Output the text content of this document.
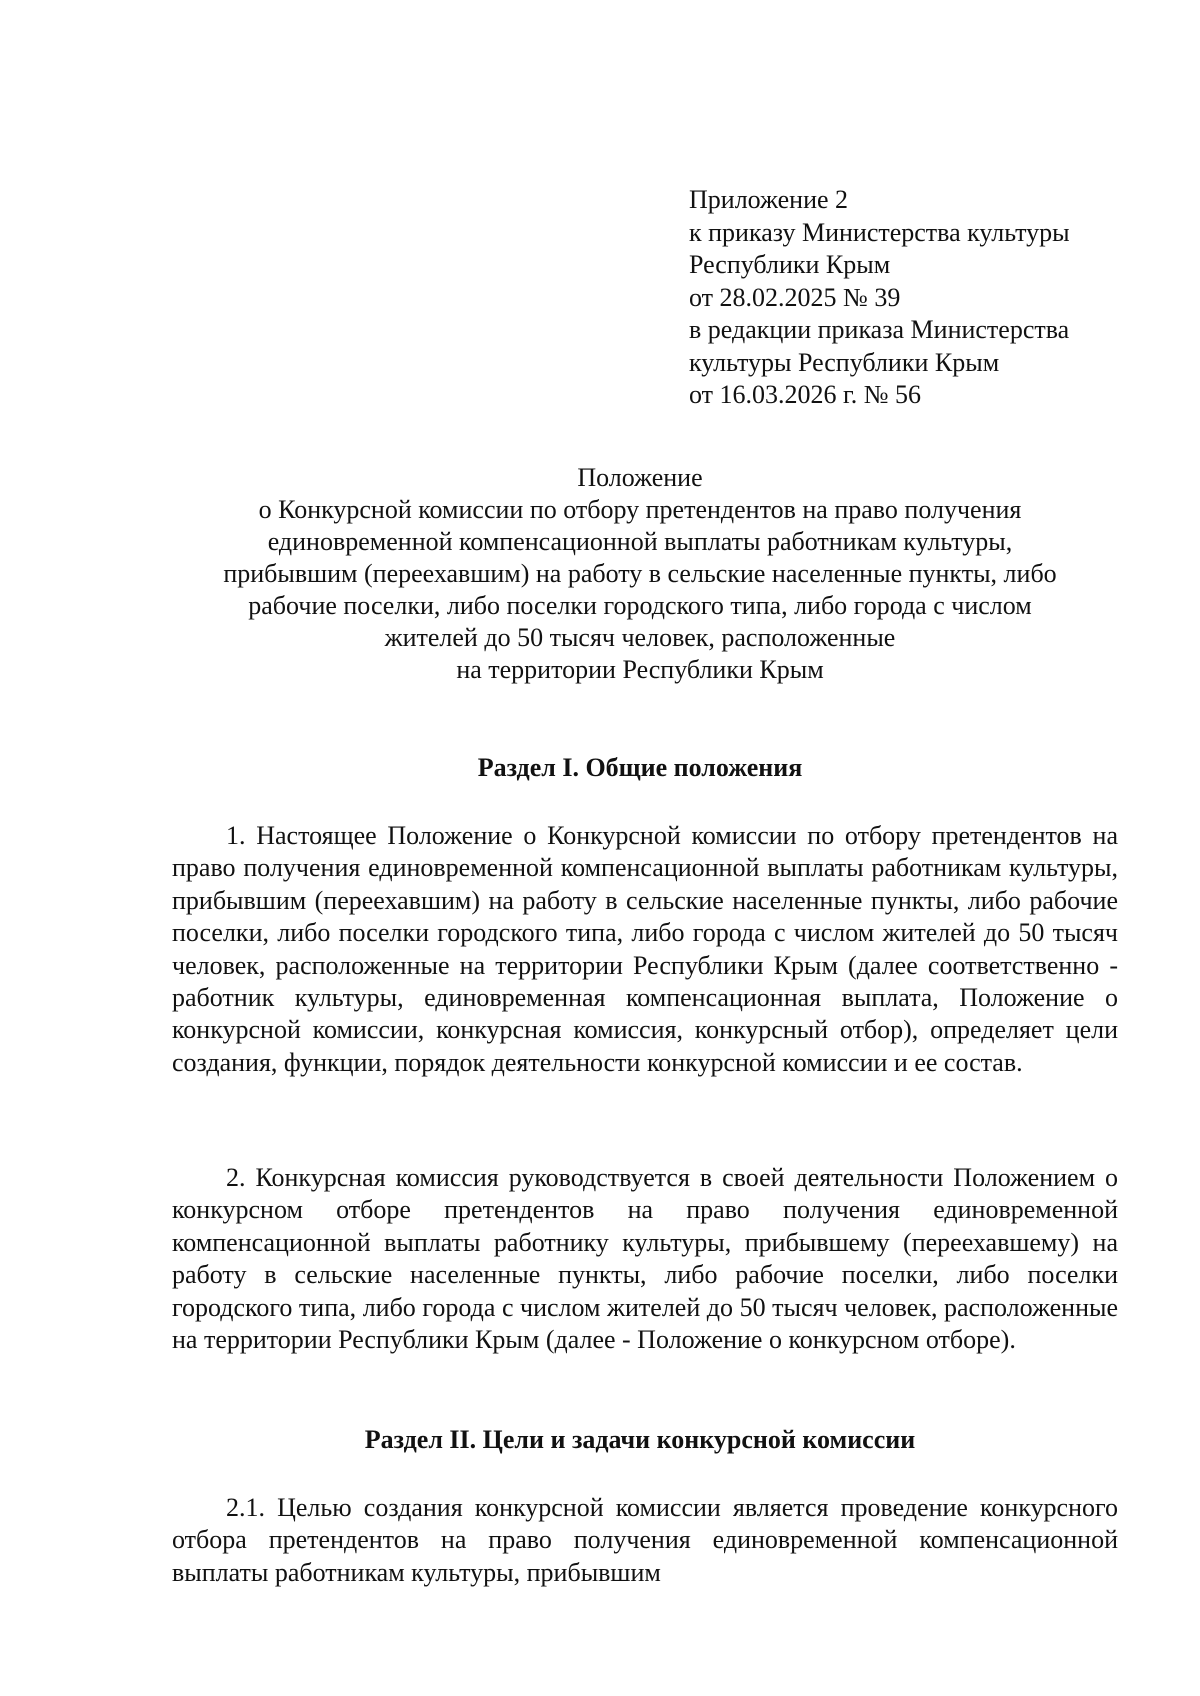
Приложение 2
к приказу Министерства культуры
Республики Крым
от 28.02.2025 № 39
в редакции приказа Министерства
культуры Республики Крым
от 16.03.2026 г. № 56
Положение
о Конкурсной комиссии по отбору претендентов на право получения
единовременной компенсационной выплаты работникам культуры,
прибывшим (переехавшим) на работу в сельские населенные пункты, либо
рабочие поселки, либо поселки городского типа, либо города с числом
жителей до 50 тысяч человек, расположенные
на территории Республики Крым
Раздел I. Общие положения
1. Настоящее Положение о Конкурсной комиссии по отбору претендентов на право получения единовременной компенсационной выплаты работникам культуры, прибывшим (переехавшим) на работу в сельские населенные пункты, либо рабочие поселки, либо поселки городского типа, либо города с числом жителей до 50 тысяч человек, расположенные на территории Республики Крым (далее соответственно - работник культуры, единовременная компенсационная выплата, Положение о конкурсной комиссии, конкурсная комиссия, конкурсный отбор), определяет цели создания, функции, порядок деятельности конкурсной комиссии и ее состав.
2. Конкурсная комиссия руководствуется в своей деятельности Положением о конкурсном отборе претендентов на право получения единовременной компенсационной выплаты работнику культуры, прибывшему (переехавшему) на работу в сельские населенные пункты, либо рабочие поселки, либо поселки городского типа, либо города с числом жителей до 50 тысяч человек, расположенные на территории Республики Крым (далее - Положение о конкурсном отборе).
Раздел II. Цели и задачи конкурсной комиссии
2.1. Целью создания конкурсной комиссии является проведение конкурсного отбора претендентов на право получения единовременной компенсационной выплаты работникам культуры, прибывшим
